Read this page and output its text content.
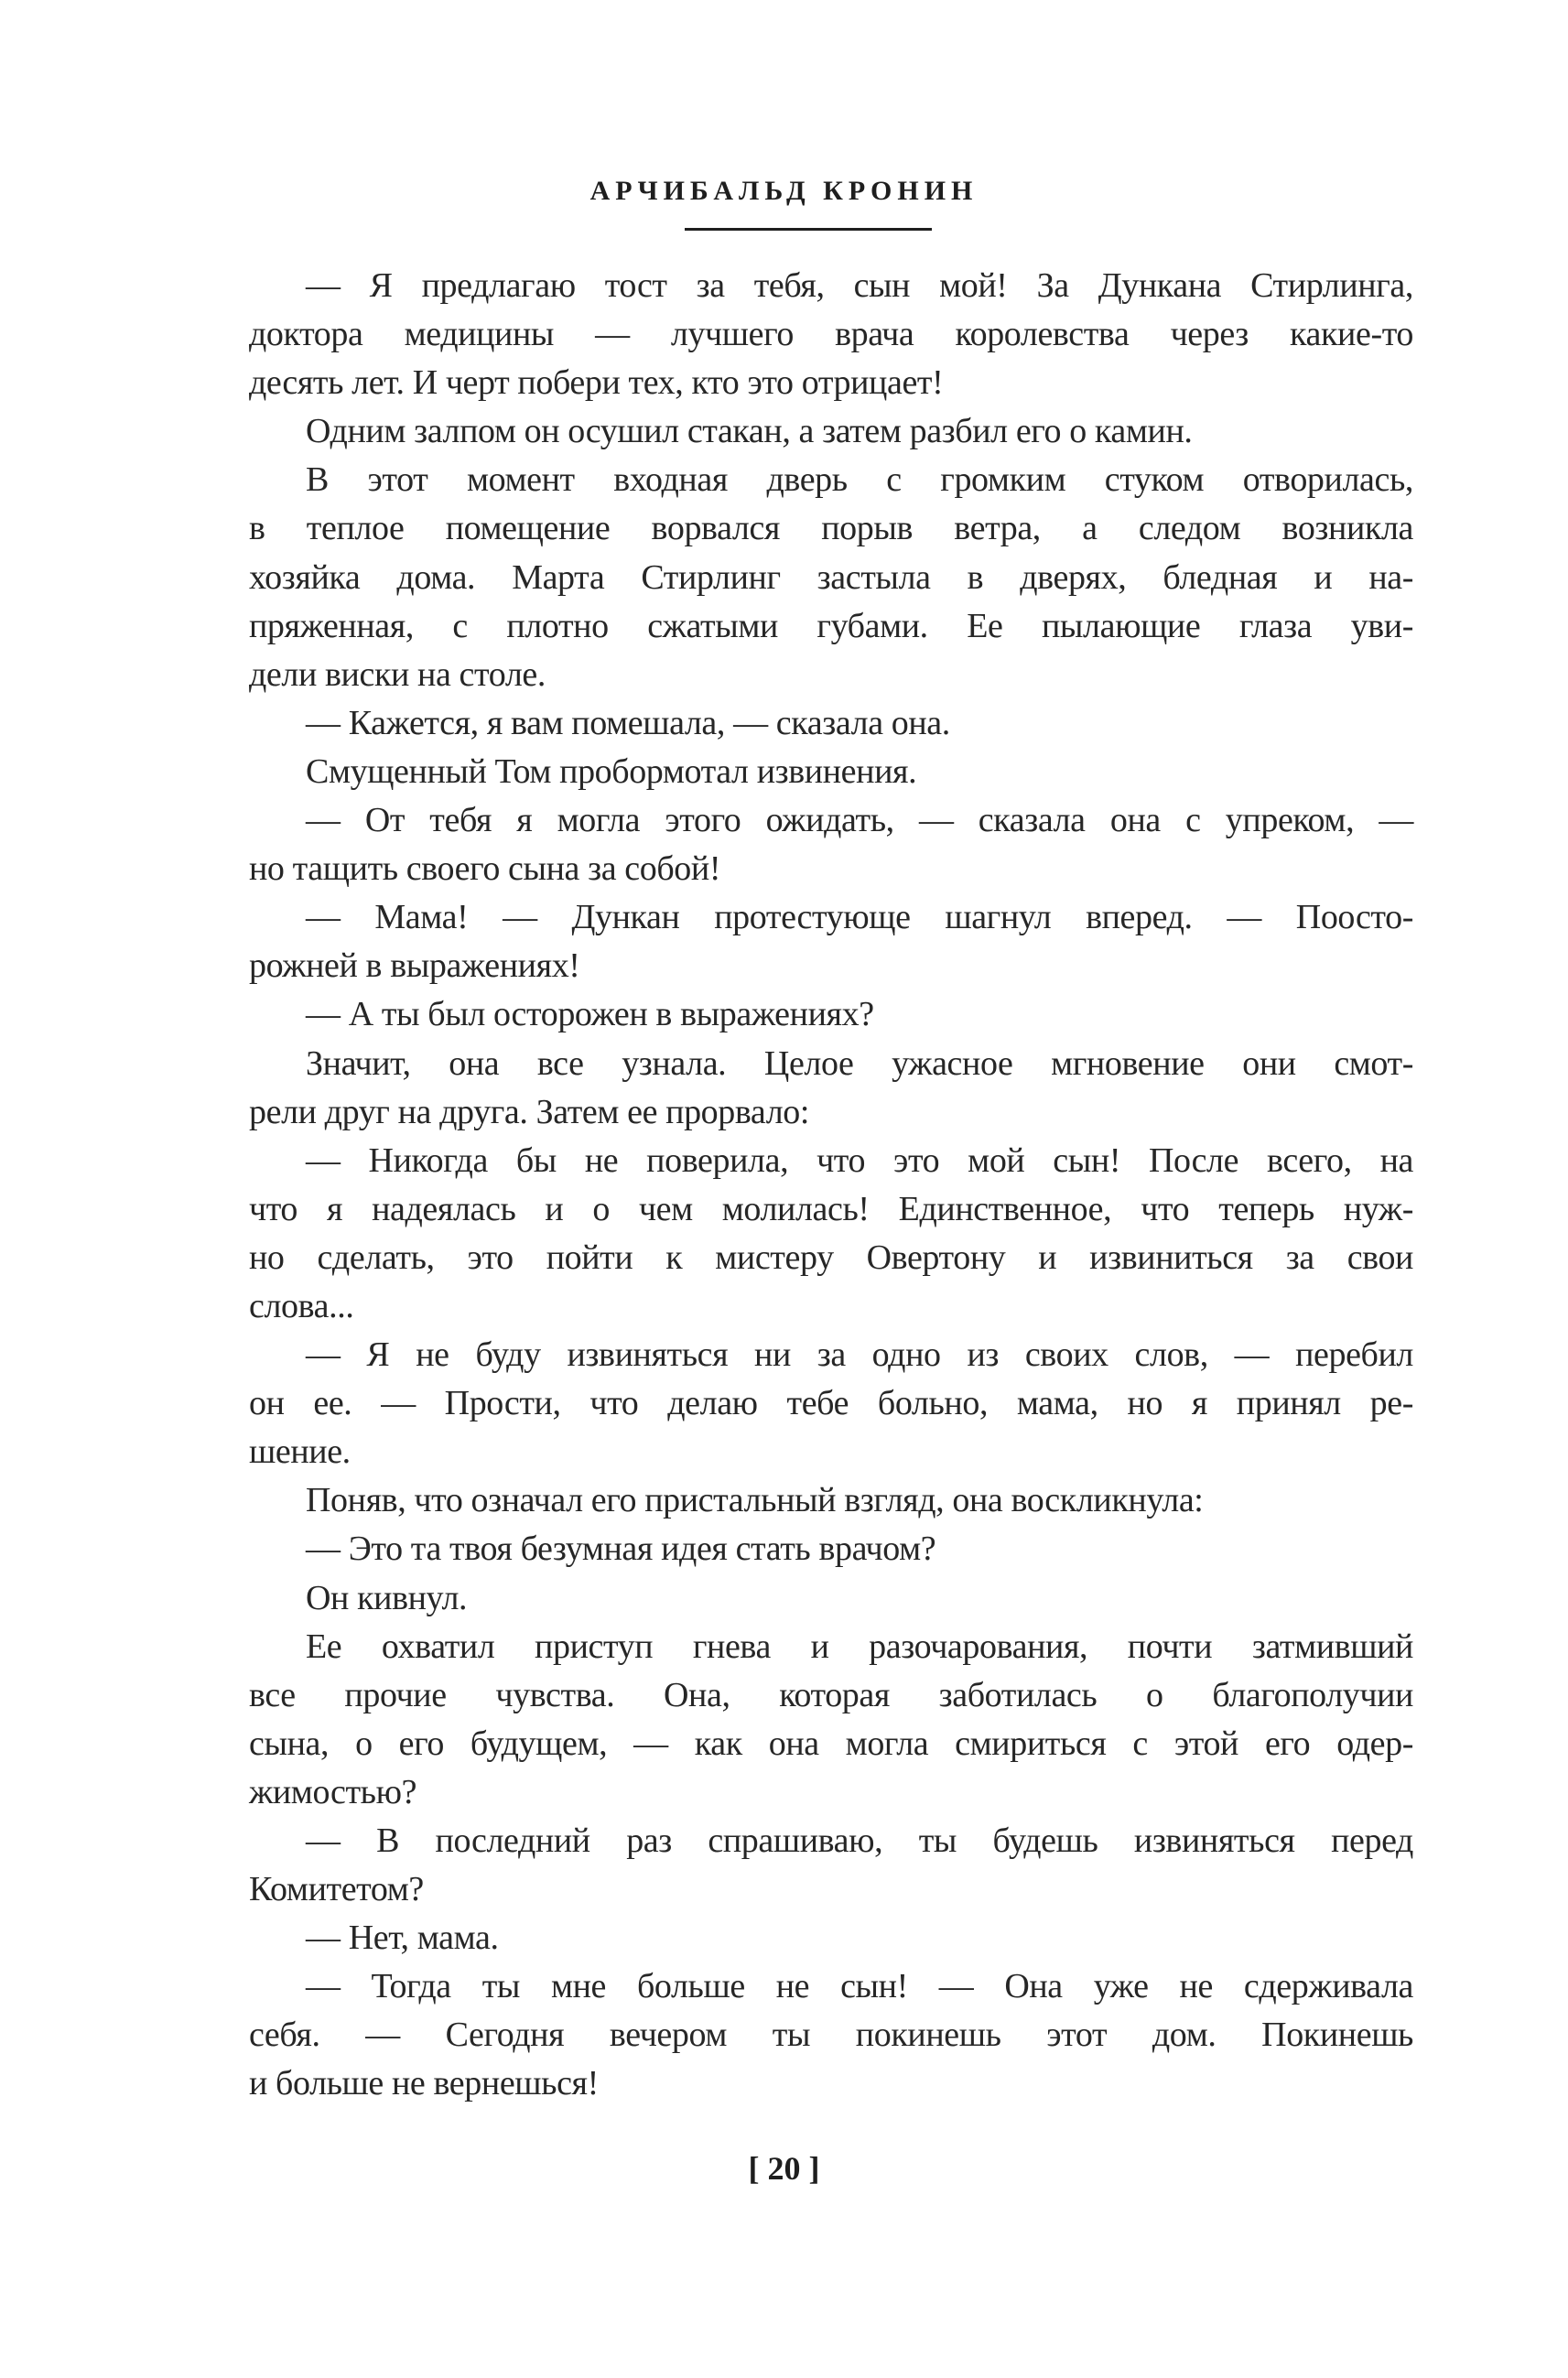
АРЧИБАЛЬД КРОНИН
— Я предлагаю тост за тебя, сын мой! За Дункана Стирлинга,
доктора медицины — лучшего врача королевства через какие-то
десять лет. И черт побери тех, кто это отрицает!
Одним залпом он осушил стакан, а затем разбил его о камин.
В этот момент входная дверь с громким стуком отворилась,
в теплое помещение ворвался порыв ветра, а следом возникла
хозяйка дома. Марта Стирлинг застыла в дверях, бледная и на-
пряженная, с плотно сжатыми губами. Ее пылающие глаза уви-
дели виски на столе.
— Кажется, я вам помешала, — сказала она.
Смущенный Том пробормотал извинения.
— От тебя я могла этого ожидать, — сказала она с упреком, —
но тащить своего сына за собой!
— Мама! — Дункан протестующе шагнул вперед. — Поосто-
рожней в выражениях!
— А ты был осторожен в выражениях?
Значит, она все узнала. Целое ужасное мгновение они смот-
рели друг на друга. Затем ее прорвало:
— Никогда бы не поверила, что это мой сын! После всего, на
что я надеялась и о чем молилась! Единственное, что теперь нуж-
но сделать, это пойти к мистеру Овертону и извиниться за свои
слова...
— Я не буду извиняться ни за одно из своих слов, — перебил
он ее. — Прости, что делаю тебе больно, мама, но я принял ре-
шение.
Поняв, что означал его пристальный взгляд, она воскликнула:
— Это та твоя безумная идея стать врачом?
Он кивнул.
Ее охватил приступ гнева и разочарования, почти затмивший
все прочие чувства. Она, которая заботилась о благополучии
сына, о его будущем, — как она могла смириться с этой его одер-
жимостью?
— В последний раз спрашиваю, ты будешь извиняться перед
Комитетом?
— Нет, мама.
— Тогда ты мне больше не сын! — Она уже не сдерживала
себя. — Сегодня вечером ты покинешь этот дом. Покинешь
и больше не вернешься!
[ 20 ]
